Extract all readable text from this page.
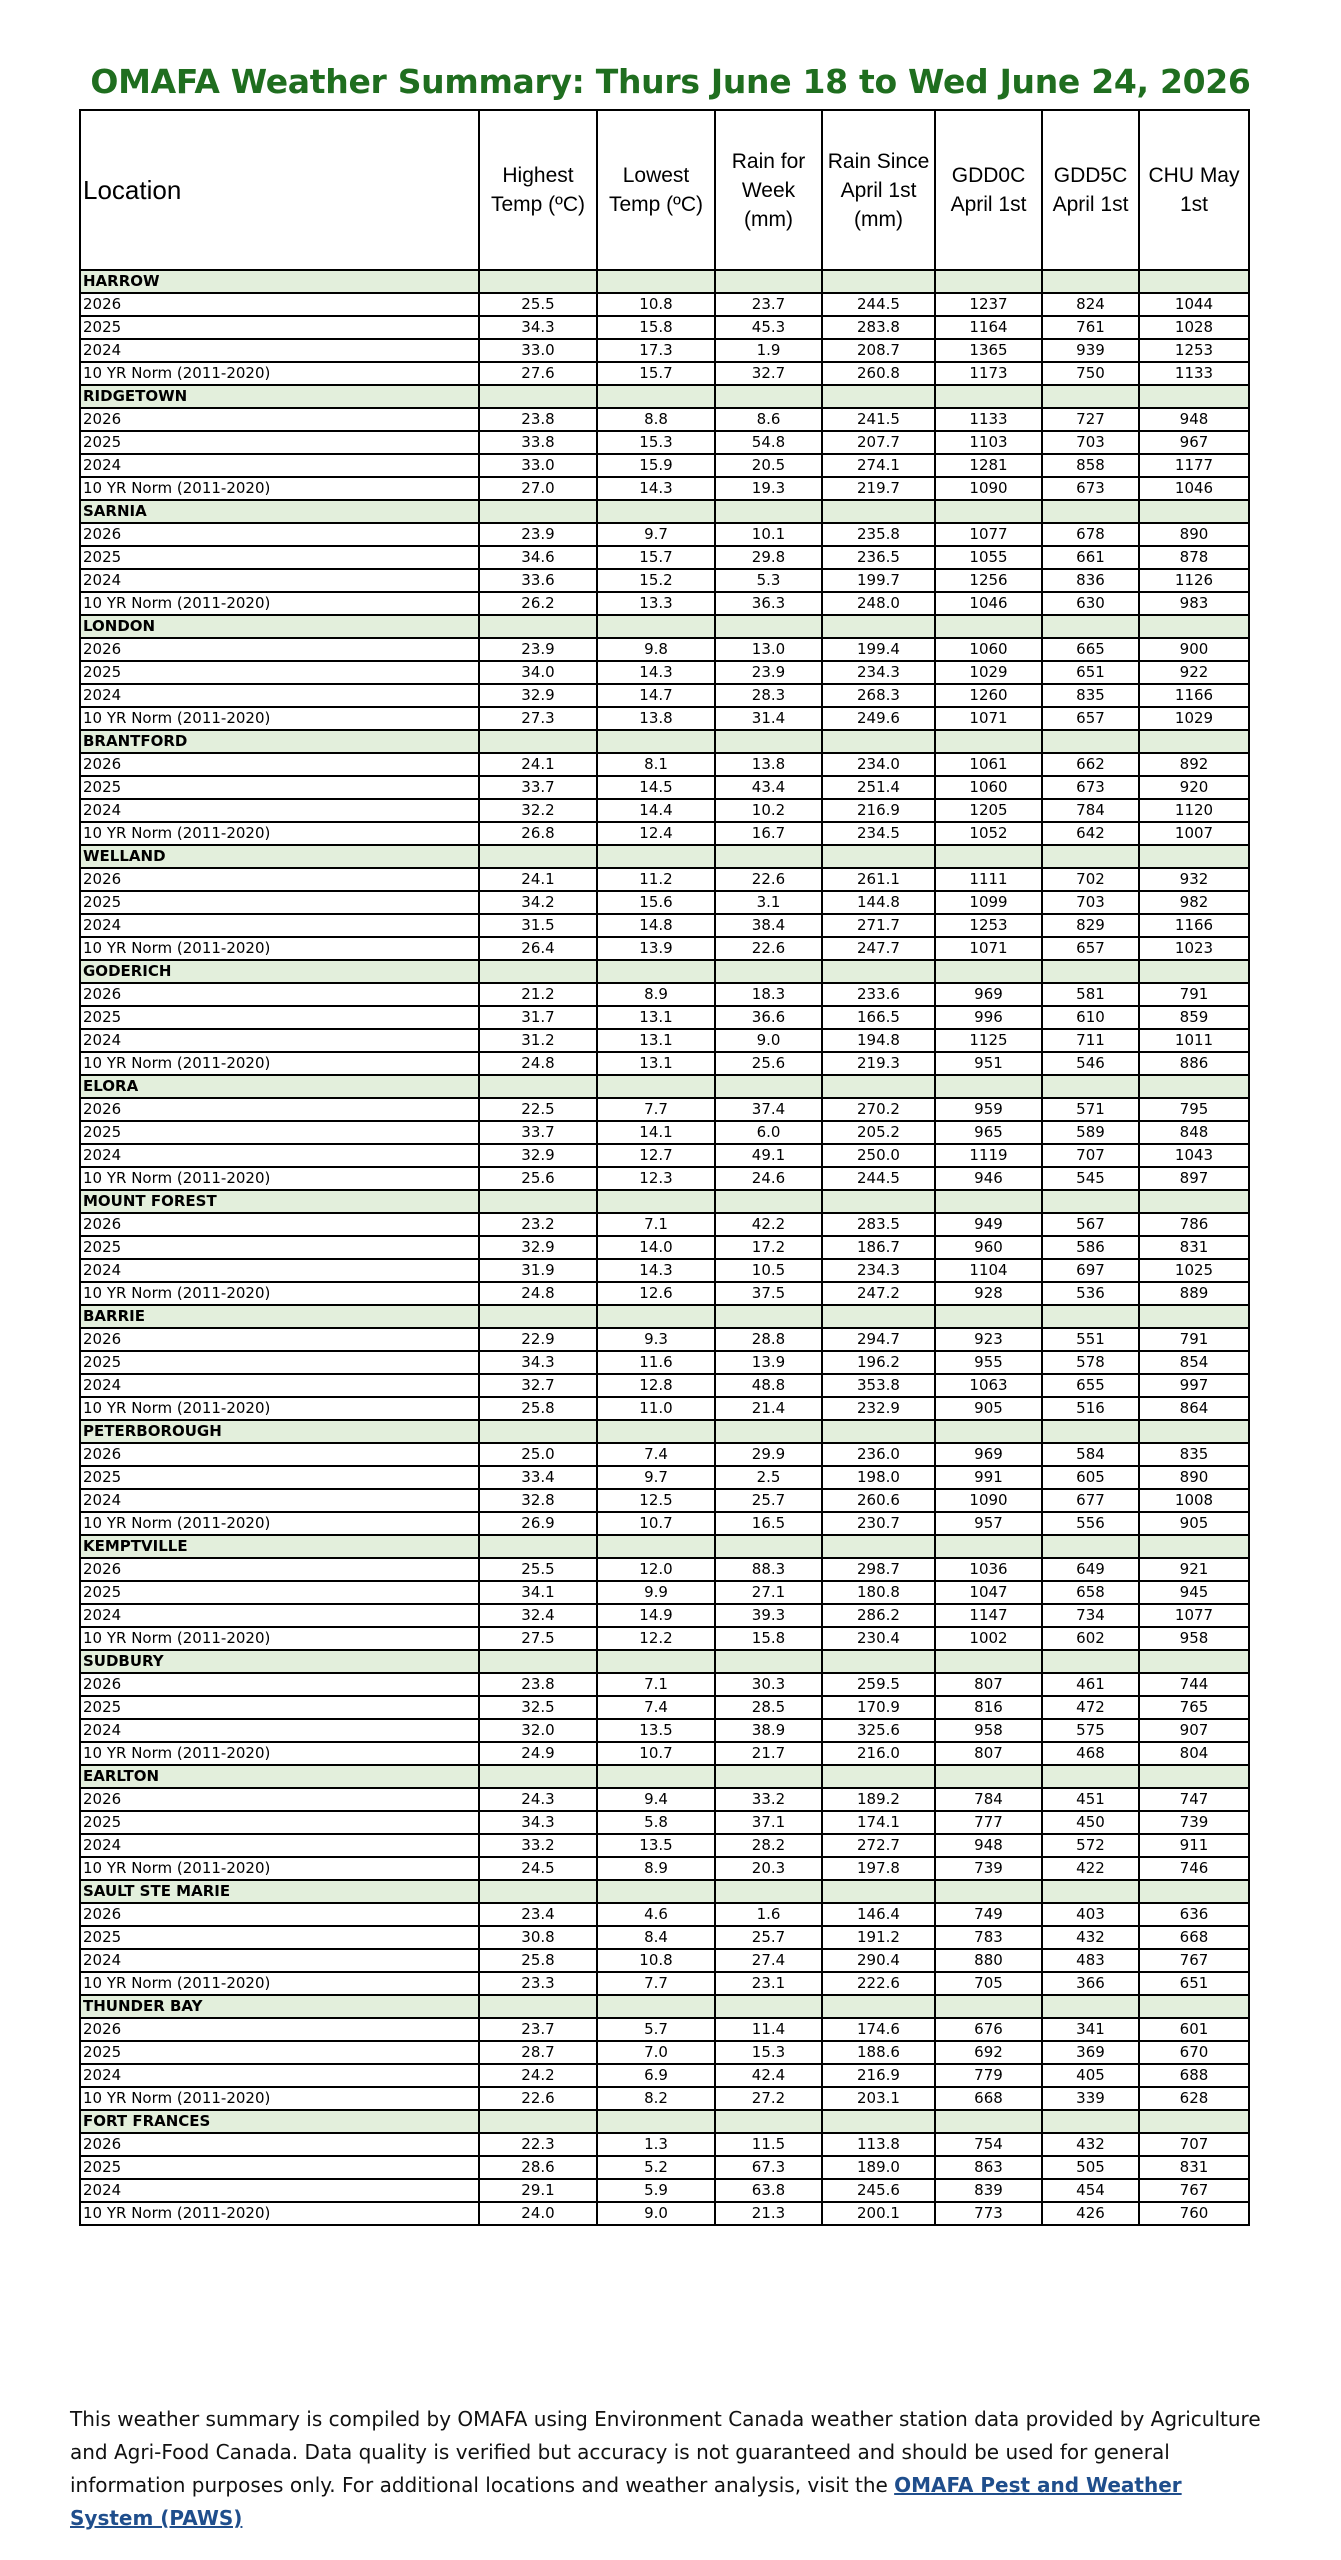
OMAFA Weather Summary: Thurs June 18 to Wed June 24, 2026
Location	Highest Temp (ºC)	Lowest Temp (ºC)	Rain for Week (mm)	Rain Since April 1st (mm)	GDD0C April 1st	GDD5C April 1st	CHU May 1st
HARROW							
2026	25.5	10.8	23.7	244.5	1237	824	1044
2025	34.3	15.8	45.3	283.8	1164	761	1028
2024	33.0	17.3	1.9	208.7	1365	939	1253
10 YR Norm (2011-2020)	27.6	15.7	32.7	260.8	1173	750	1133
RIDGETOWN							
2026	23.8	8.8	8.6	241.5	1133	727	948
2025	33.8	15.3	54.8	207.7	1103	703	967
2024	33.0	15.9	20.5	274.1	1281	858	1177
10 YR Norm (2011-2020)	27.0	14.3	19.3	219.7	1090	673	1046
SARNIA							
2026	23.9	9.7	10.1	235.8	1077	678	890
2025	34.6	15.7	29.8	236.5	1055	661	878
2024	33.6	15.2	5.3	199.7	1256	836	1126
10 YR Norm (2011-2020)	26.2	13.3	36.3	248.0	1046	630	983
LONDON							
2026	23.9	9.8	13.0	199.4	1060	665	900
2025	34.0	14.3	23.9	234.3	1029	651	922
2024	32.9	14.7	28.3	268.3	1260	835	1166
10 YR Norm (2011-2020)	27.3	13.8	31.4	249.6	1071	657	1029
BRANTFORD							
2026	24.1	8.1	13.8	234.0	1061	662	892
2025	33.7	14.5	43.4	251.4	1060	673	920
2024	32.2	14.4	10.2	216.9	1205	784	1120
10 YR Norm (2011-2020)	26.8	12.4	16.7	234.5	1052	642	1007
WELLAND							
2026	24.1	11.2	22.6	261.1	1111	702	932
2025	34.2	15.6	3.1	144.8	1099	703	982
2024	31.5	14.8	38.4	271.7	1253	829	1166
10 YR Norm (2011-2020)	26.4	13.9	22.6	247.7	1071	657	1023
GODERICH							
2026	21.2	8.9	18.3	233.6	969	581	791
2025	31.7	13.1	36.6	166.5	996	610	859
2024	31.2	13.1	9.0	194.8	1125	711	1011
10 YR Norm (2011-2020)	24.8	13.1	25.6	219.3	951	546	886
ELORA							
2026	22.5	7.7	37.4	270.2	959	571	795
2025	33.7	14.1	6.0	205.2	965	589	848
2024	32.9	12.7	49.1	250.0	1119	707	1043
10 YR Norm (2011-2020)	25.6	12.3	24.6	244.5	946	545	897
MOUNT FOREST							
2026	23.2	7.1	42.2	283.5	949	567	786
2025	32.9	14.0	17.2	186.7	960	586	831
2024	31.9	14.3	10.5	234.3	1104	697	1025
10 YR Norm (2011-2020)	24.8	12.6	37.5	247.2	928	536	889
BARRIE							
2026	22.9	9.3	28.8	294.7	923	551	791
2025	34.3	11.6	13.9	196.2	955	578	854
2024	32.7	12.8	48.8	353.8	1063	655	997
10 YR Norm (2011-2020)	25.8	11.0	21.4	232.9	905	516	864
PETERBOROUGH							
2026	25.0	7.4	29.9	236.0	969	584	835
2025	33.4	9.7	2.5	198.0	991	605	890
2024	32.8	12.5	25.7	260.6	1090	677	1008
10 YR Norm (2011-2020)	26.9	10.7	16.5	230.7	957	556	905
KEMPTVILLE							
2026	25.5	12.0	88.3	298.7	1036	649	921
2025	34.1	9.9	27.1	180.8	1047	658	945
2024	32.4	14.9	39.3	286.2	1147	734	1077
10 YR Norm (2011-2020)	27.5	12.2	15.8	230.4	1002	602	958
SUDBURY							
2026	23.8	7.1	30.3	259.5	807	461	744
2025	32.5	7.4	28.5	170.9	816	472	765
2024	32.0	13.5	38.9	325.6	958	575	907
10 YR Norm (2011-2020)	24.9	10.7	21.7	216.0	807	468	804
EARLTON							
2026	24.3	9.4	33.2	189.2	784	451	747
2025	34.3	5.8	37.1	174.1	777	450	739
2024	33.2	13.5	28.2	272.7	948	572	911
10 YR Norm (2011-2020)	24.5	8.9	20.3	197.8	739	422	746
SAULT STE MARIE							
2026	23.4	4.6	1.6	146.4	749	403	636
2025	30.8	8.4	25.7	191.2	783	432	668
2024	25.8	10.8	27.4	290.4	880	483	767
10 YR Norm (2011-2020)	23.3	7.7	23.1	222.6	705	366	651
THUNDER BAY							
2026	23.7	5.7	11.4	174.6	676	341	601
2025	28.7	7.0	15.3	188.6	692	369	670
2024	24.2	6.9	42.4	216.9	779	405	688
10 YR Norm (2011-2020)	22.6	8.2	27.2	203.1	668	339	628
FORT FRANCES							
2026	22.3	1.3	11.5	113.8	754	432	707
2025	28.6	5.2	67.3	189.0	863	505	831
2024	29.1	5.9	63.8	245.6	839	454	767
10 YR Norm (2011-2020)	24.0	9.0	21.3	200.1	773	426	760
This weather summary is compiled by OMAFA using Environment Canada weather station data provided by Agriculture and Agri-Food Canada. Data quality is verified but accuracy is not guaranteed and should be used for general information purposes only. For additional locations and weather analysis, visit the OMAFA Pest and Weather System (PAWS)
